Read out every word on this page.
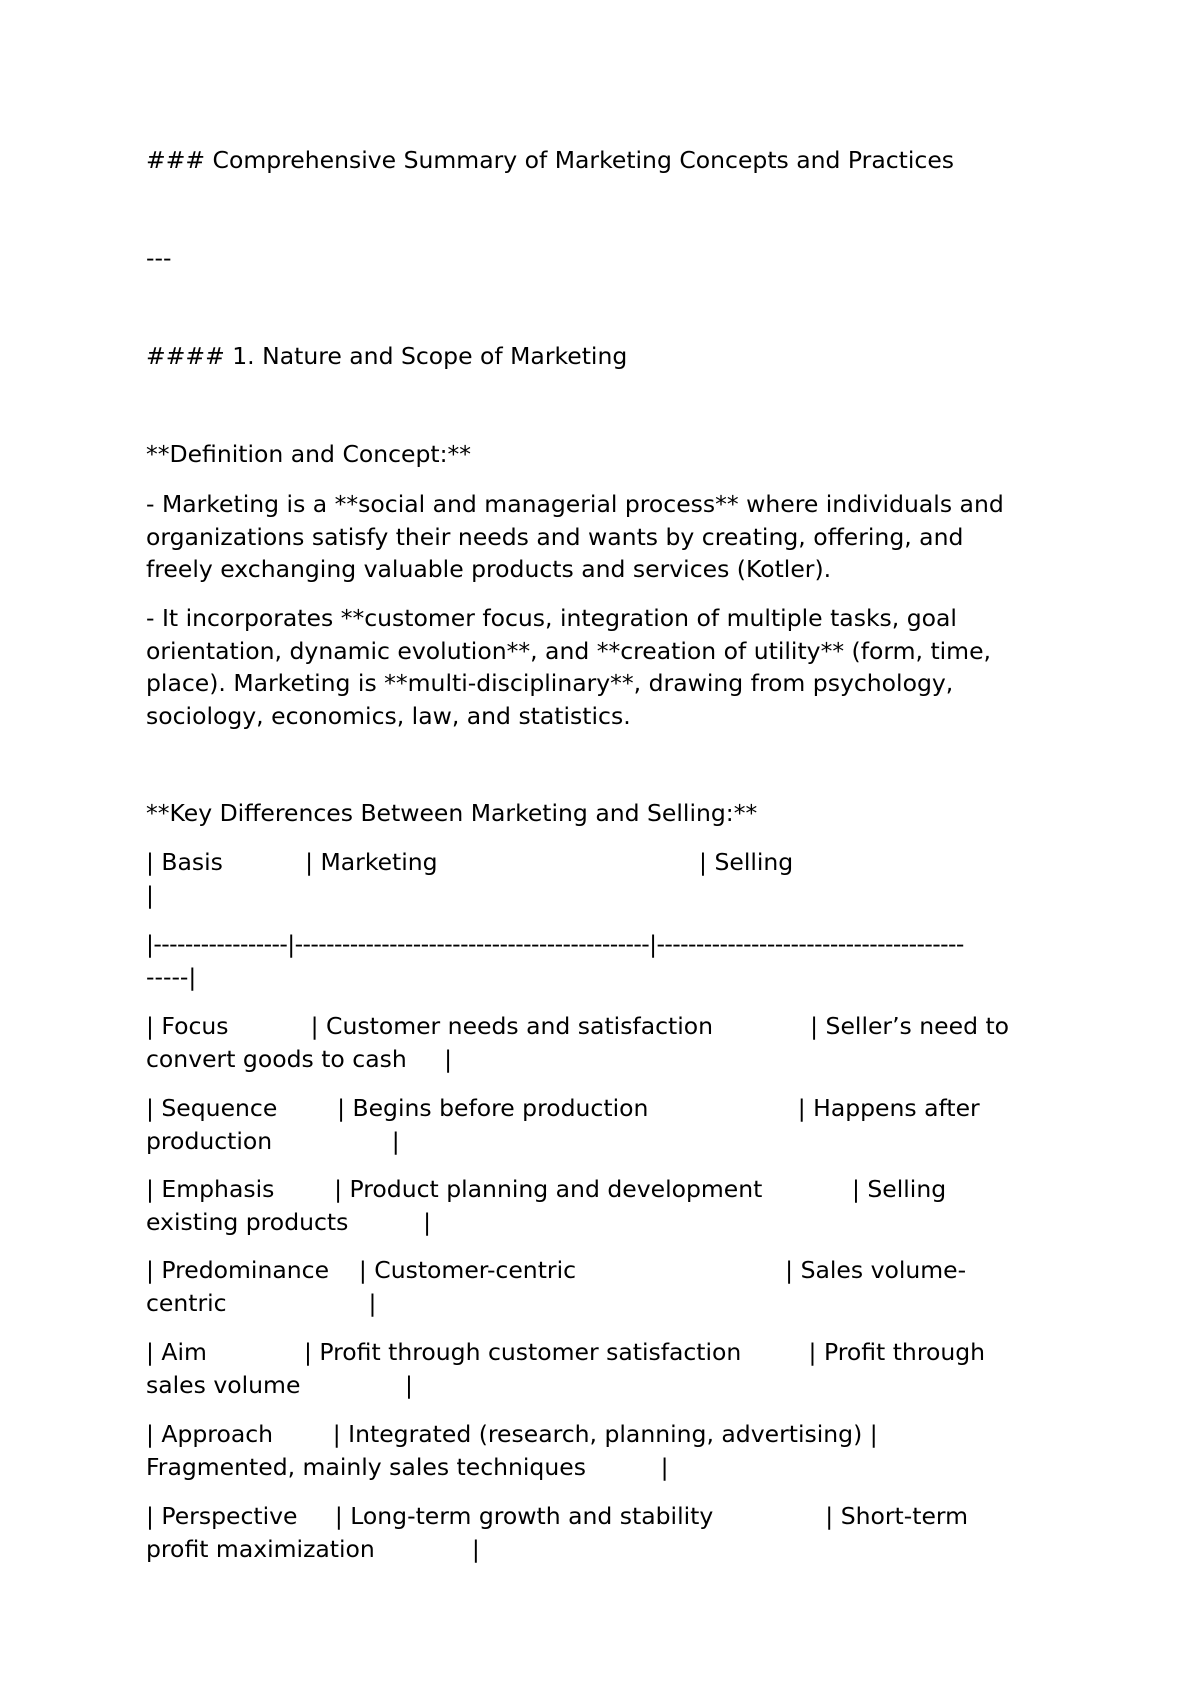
### Comprehensive Summary of Marketing Concepts and Practices
---
#### 1. Nature and Scope of Marketing
**Definition and Concept:**
- Marketing is a **social and managerial process** where individuals and
organizations satisfy their needs and wants by creating, offering, and
freely exchanging valuable products and services (Kotler).
- It incorporates **customer focus, integration of multiple tasks, goal
orientation, dynamic evolution**, and **creation of utility** (form, time,
place). Marketing is **multi-disciplinary**, drawing from psychology,
sociology, economics, law, and statistics.
**Key Differences Between Marketing and Selling:**
| Basis           | Marketing                                   | Selling
|
|-----------------|---------------------------------------------|---------------------------------------
-----|
| Focus           | Customer needs and satisfaction             | Seller’s need to
convert goods to cash     |
| Sequence        | Begins before production                    | Happens after
production                |
| Emphasis        | Product planning and development            | Selling
existing products          |
| Predominance    | Customer-centric                            | Sales volume-
centric                   |
| Aim             | Profit through customer satisfaction         | Profit through
sales volume              |
| Approach        | Integrated (research, planning, advertising) |
Fragmented, mainly sales techniques          |
| Perspective     | Long-term growth and stability               | Short-term
profit maximization             |
